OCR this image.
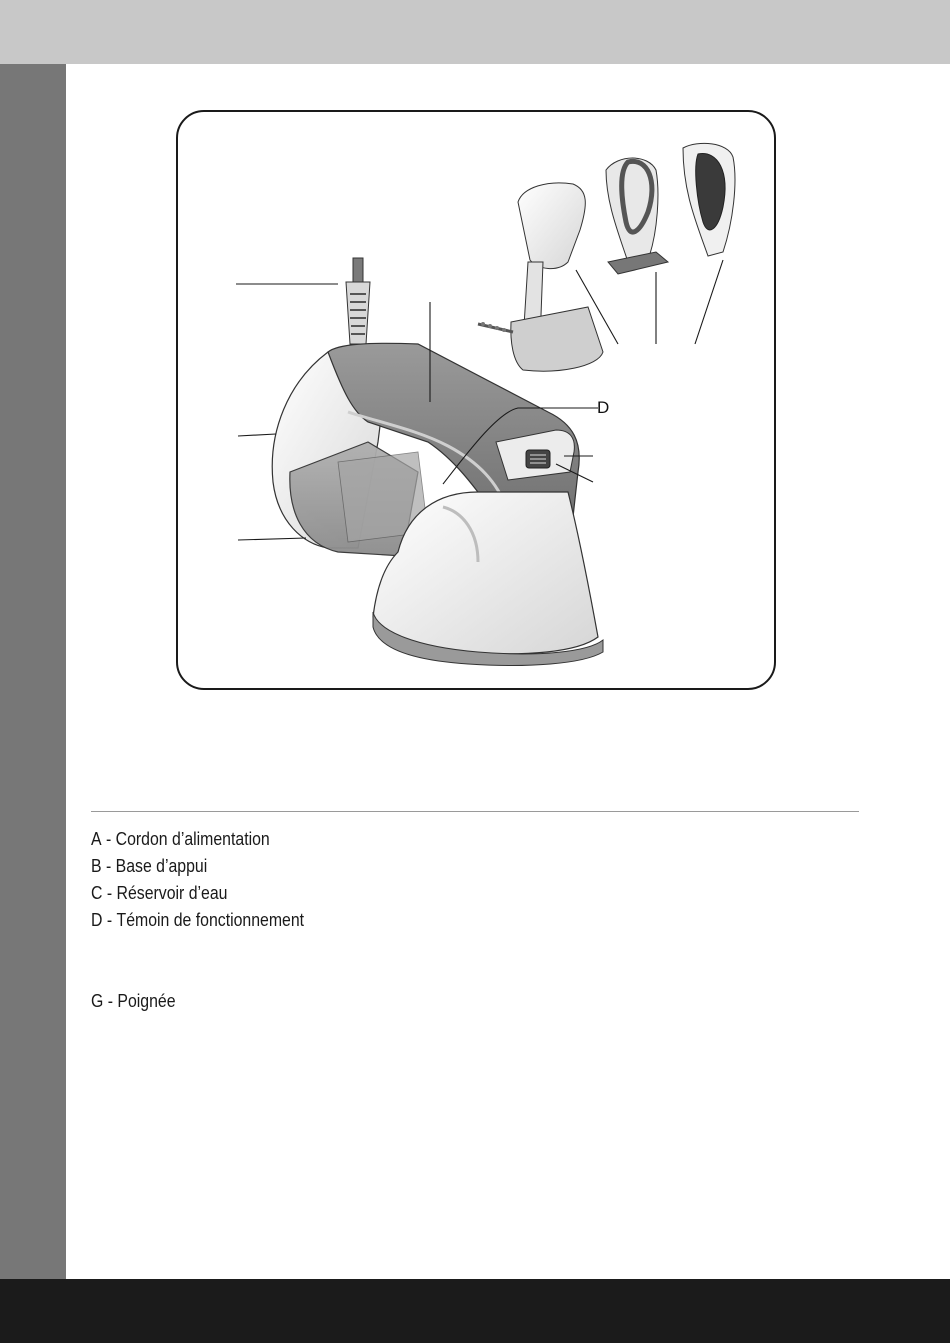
D
A - Cordon d’alimentation
B - Base d’appui
C - Réservoir d’eau
D - Témoin de fonctionnement
G - Poignée
